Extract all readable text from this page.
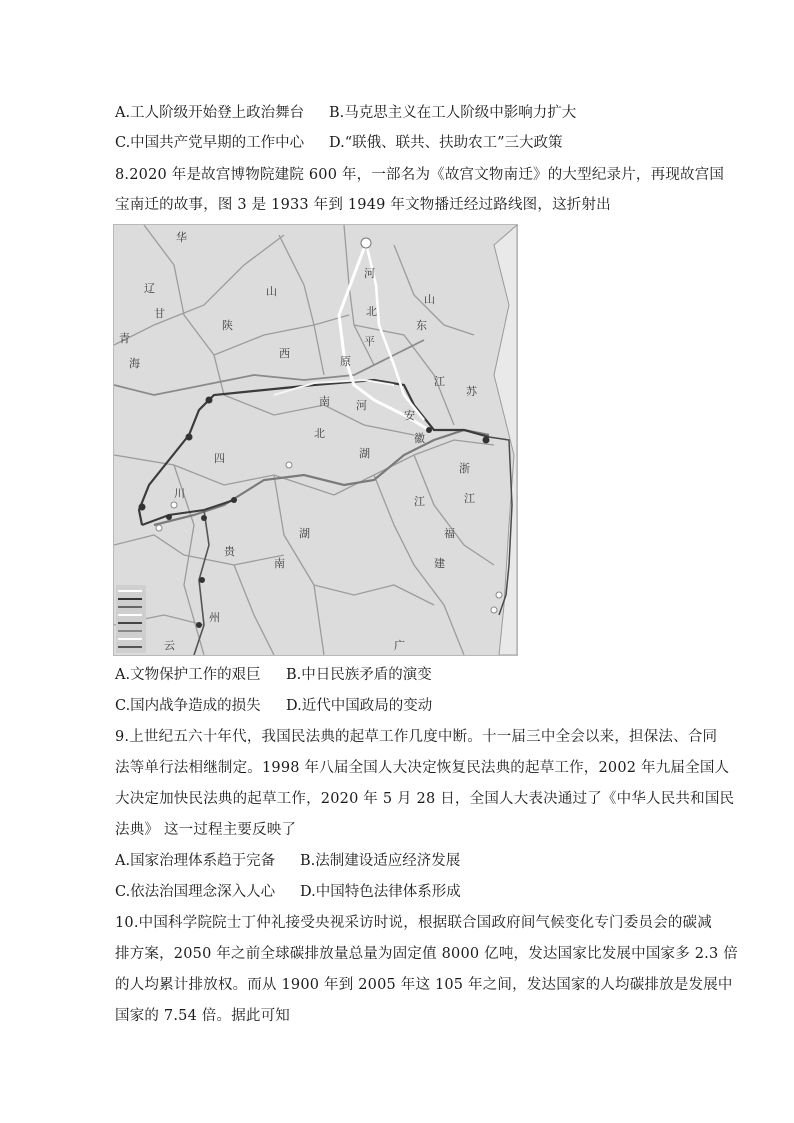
A.工人阶级开始登上政治舞台 B.马克思主义在工人阶级中影响力扩大
C.中国共产党早期的工作中心 D.“联俄、联共、扶助农工”三大政策
8.2020 年是故宫博物院建院 600 年，一部名为《故宫文物南迁》的大型纪录片，再现故宫国
宝南迁的故事，图 3 是 1933 年到 1949 年文物播迁经过路线图，这折射出
华
辽
甘
青
海
山
陕
西
河
北
平
原
东
山
江
苏
南 河
安
徽
四
川
湖
北
浙
江
福
建
贵
州
湖
南
广
云
江
A.文物保护工作的艰巨 B.中日民族矛盾的演变
C.国内战争造成的损失 D.近代中国政局的变动
9.上世纪五六十年代，我国民法典的起草工作几度中断。十一届三中全会以来，担保法、合同
法等单行法相继制定。1998 年八届全国人大决定恢复民法典的起草工作，2002 年九届全国人
大决定加快民法典的起草工作，2020 年 5 月 28 日，全国人大表决通过了《中华人民共和国民
法典》 这一过程主要反映了
A.国家治理体系趋于完备 B.法制建设适应经济发展
C.依法治国理念深入人心 D.中国特色法律体系形成
10.中国科学院院士丁仲礼接受央视采访时说，根据联合国政府间气候变化专门委员会的碳减
排方案，2050 年之前全球碳排放量总量为固定值 8000 亿吨，发达国家比发展中国家多 2.3 倍
的人均累计排放权。而从 1900 年到 2005 年这 105 年之间，发达国家的人均碳排放是发展中
国家的 7.54 倍。据此可知
